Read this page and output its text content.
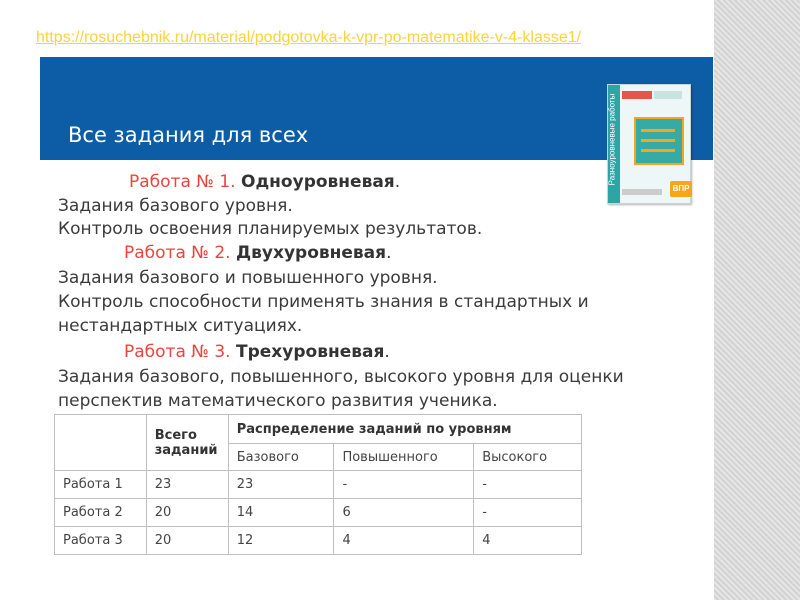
https://rosuchebnik.ru/material/podgotovka-k-vpr-po-matematike-v-4-klasse1/
Все задания для всех	Разноуровневые работы
ВПР
Работа № 1. Одноуровневая.
Задания базового уровня.
Контроль освоения планируемых результатов.
Работа № 2. Двухуровневая.
Задания базового и повышенного уровня.
Контроль способности применять знания в стандартных и
нестандартных ситуациях.
Работа № 3. Трехуровневая.
Задания базового, повышенного, высокого уровня для оценки
перспектив математического развития ученика.
	Всего
заданий	Распределение заданий по уровням		
		Базового	Повышенного	Высокого
Работа 1	23	23	-	-
Работа 2	20	14	6	-
Работа 3	20	12	4	4
